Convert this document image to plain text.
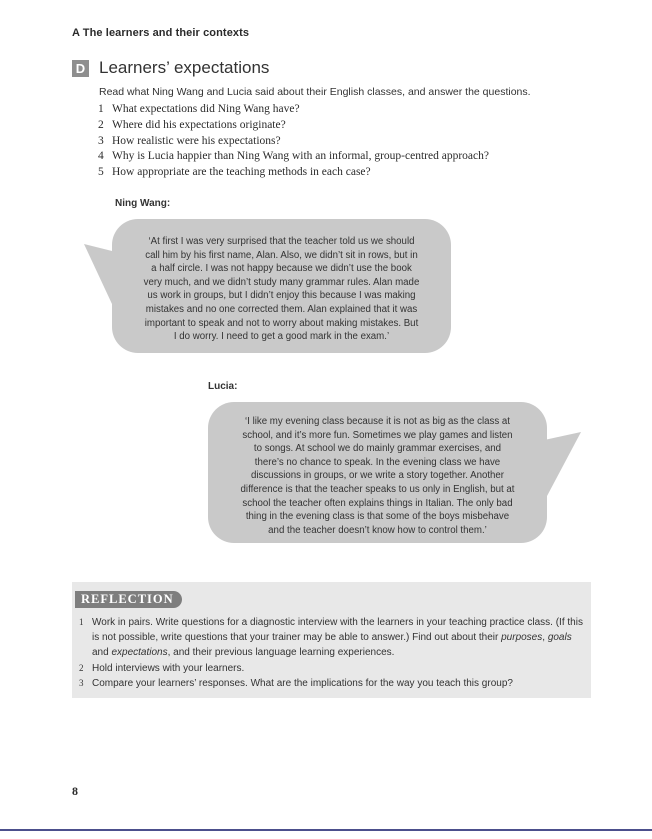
A The learners and their contexts
D Learners’ expectations
Read what Ning Wang and Lucia said about their English classes, and answer the questions.
1 What expectations did Ning Wang have?
2 Where did his expectations originate?
3 How realistic were his expectations?
4 Why is Lucia happier than Ning Wang with an informal, group-centred approach?
5 How appropriate are the teaching methods in each case?
Ning Wang:
‘At first I was very surprised that the teacher told us we should
call him by his first name, Alan. Also, we didn’t sit in rows, but in
a half circle. I was not happy because we didn’t use the book
very much, and we didn’t study many grammar rules. Alan made
us work in groups, but I didn’t enjoy this because I was making
mistakes and no one corrected them. Alan explained that it was
important to speak and not to worry about making mistakes. But
I do worry. I need to get a good mark in the exam.’
Lucia:
‘I like my evening class because it is not as big as the class at
school, and it’s more fun. Sometimes we play games and listen
to songs. At school we do mainly grammar exercises, and
there’s no chance to speak. In the evening class we have
discussions in groups, or we write a story together. Another
difference is that the teacher speaks to us only in English, but at
school the teacher often explains things in Italian. The only bad
thing in the evening class is that some of the boys misbehave
and the teacher doesn’t know how to control them.’
REFLECTION
1 Work in pairs. Write questions for a diagnostic interview with the learners in your teaching practice class. (If this is not possible, write questions that your trainer may be able to answer.) Find out about their purposes, goals and expectations, and their previous language learning experiences.
2 Hold interviews with your learners.
3 Compare your learners’ responses. What are the implications for the way you teach this group?
8
